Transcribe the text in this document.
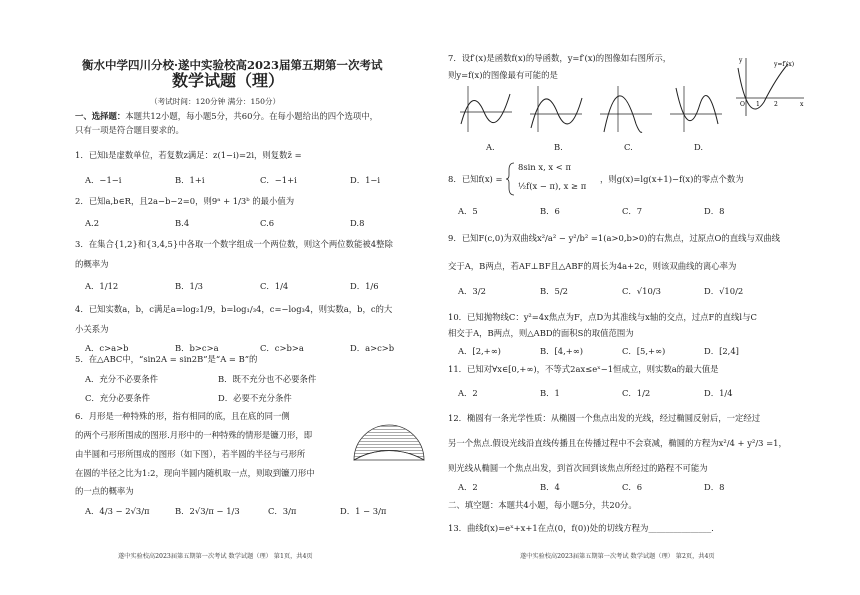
衡水中学四川分校·遂中实验校高2023届第五期第一次考试
数学试题（理）
（考试时间：120分钟 满分：150分）
一、选择题：本题共12小题，每小题5分，共60分。在每小题给出的四个选项中，
只有一项是符合题目要求的。
1．已知i是虚数单位，若复数z满足：z(1−i)=2i，则复数z̄ =
A．−1−i	B．1+i	C．−1+i	D．1−i
2．已知a,b∈R，且2a−b−2=0，则9ᵃ + 1/3ᵇ 的最小值为
A.2	B.4	C.6	D.8
3．在集合{1,2}和{3,4,5}中各取一个数字组成一个两位数，则这个两位数能被4整除
的概率为
A．1/12	B．1/3	C．1/4	D．1/6
4．已知实数a，b，c满足a=log₂1/9，b=log₁/₃4，c=−log₃4，则实数a，b，c的大
小关系为
A．c>a>b	B．b>c>a	C．c>b>a	D．a>c>b
5．在△ABC中，“sin2A = sin2B”是“A = B”的
A．充分不必要条件	B．既不充分也不必要条件
C．充分必要条件	D．必要不充分条件
6．月形是一种特殊的形，指有相同的底，且在底的同一侧
的两个弓形所围成的图形.月形中的一种特殊的情形是镰刀形，即
由半圆和弓形所围成的图形（如下图），若半圆的半径与弓形所
在圆的半径之比为1:2，现向半圆内随机取一点，则取到镰刀形中
的一点的概率为
A．4/3 − 2√3/π	B．2√3/π − 1/3	C．3/π	D．1 − 3/π
遂中实验校高2023届第五期第一次考试 数学试题（理） 第1页，共4页
7．设f′(x)是函数f(x)的导函数，y=f′(x)的图像如右图所示，
则y=f(x)的图像最有可能的是
O 1 2	x
y
y=f′(x)
A.	B.	C.	D.
8．已知f(x) =
8sin x, x < π
½f(x − π), x ≥ π
，则g(x)=lg(x+1)−f(x)的零点个数为
A．5	B．6	C．7	D．8
9．已知F(c,0)为双曲线x²/a² − y²/b² =1(a>0,b>0)的右焦点，过原点O的直线与双曲线
交于A，B两点，若AF⊥BF且△ABF的周长为4a+2c，则该双曲线的离心率为
A．3/2	B．5/2	C．√10/3	D．√10/2
10．已知抛物线C：y²=4x焦点为F，点D为其准线与x轴的交点，过点F的直线l与C
相交于A，B两点，则△ABD的面积S的取值范围为
A．[2,+∞)	B．[4,+∞)	C．[5,+∞)	D．[2,4]
11．已知对∀x∈[0,+∞)，不等式2ax≤eˣ−1恒成立，则实数a的最大值是
A．2	B．1	C．1/2	D．1/4
12．椭圆有一条光学性质：从椭圆一个焦点出发的光线，经过椭圆反射后，一定经过
另一个焦点.假设光线沿直线传播且在传播过程中不会衰减，椭圆的方程为x²/4 + y²/3 =1，
则光线从椭圆一个焦点出发，到首次回到该焦点所经过的路程不可能为
A．2	B．4	C．6	D．8
二、填空题：本题共4小题，每小题5分，共20分。
13．曲线f(x)=eˣ+x+1在点(0，f(0))处的切线方程为_______________.
遂中实验校高2023届第五期第一次考试 数学试题（理） 第2页，共4页
